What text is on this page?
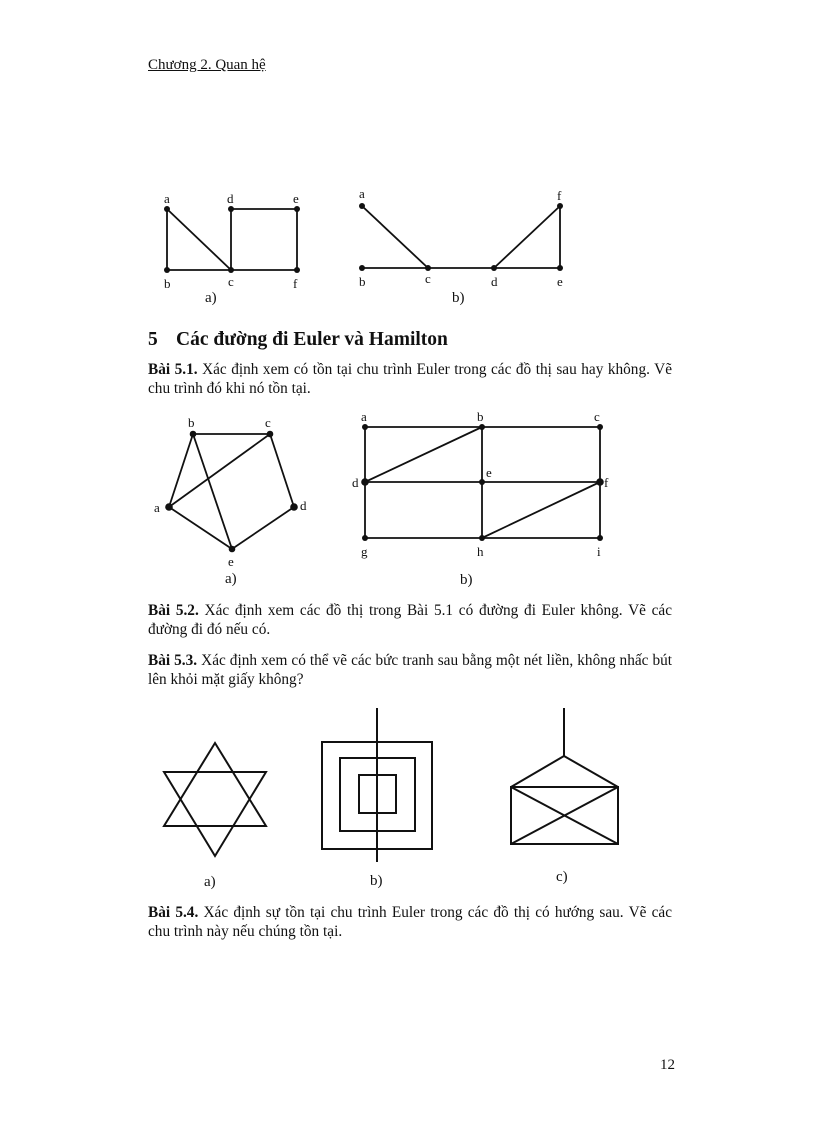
Chương 2. Quan hệ
a	d	e
b	c	f
a)
a	f
b	c	d	e
b)
b	c
a	d
e
a)
a	b	c
d
e
f
g	h	i
b)
a)	b)	c)
5 Các đường đi Euler và Hamilton
Bài 5.1. Xác định xem có tồn tại chu trình Euler trong các đồ thị sau hay không. Vẽ chu trình đó khi nó tồn tại.
Bài 5.2. Xác định xem các đồ thị trong Bài 5.1 có đường đi Euler không. Vẽ các đường đi đó nếu có.
Bài 5.3. Xác định xem có thể vẽ các bức tranh sau bằng một nét liền, không nhấc bút lên khỏi mặt giấy không?
Bài 5.4. Xác định sự tồn tại chu trình Euler trong các đồ thị có hướng sau. Vẽ các chu trình này nếu chúng tồn tại.
12
